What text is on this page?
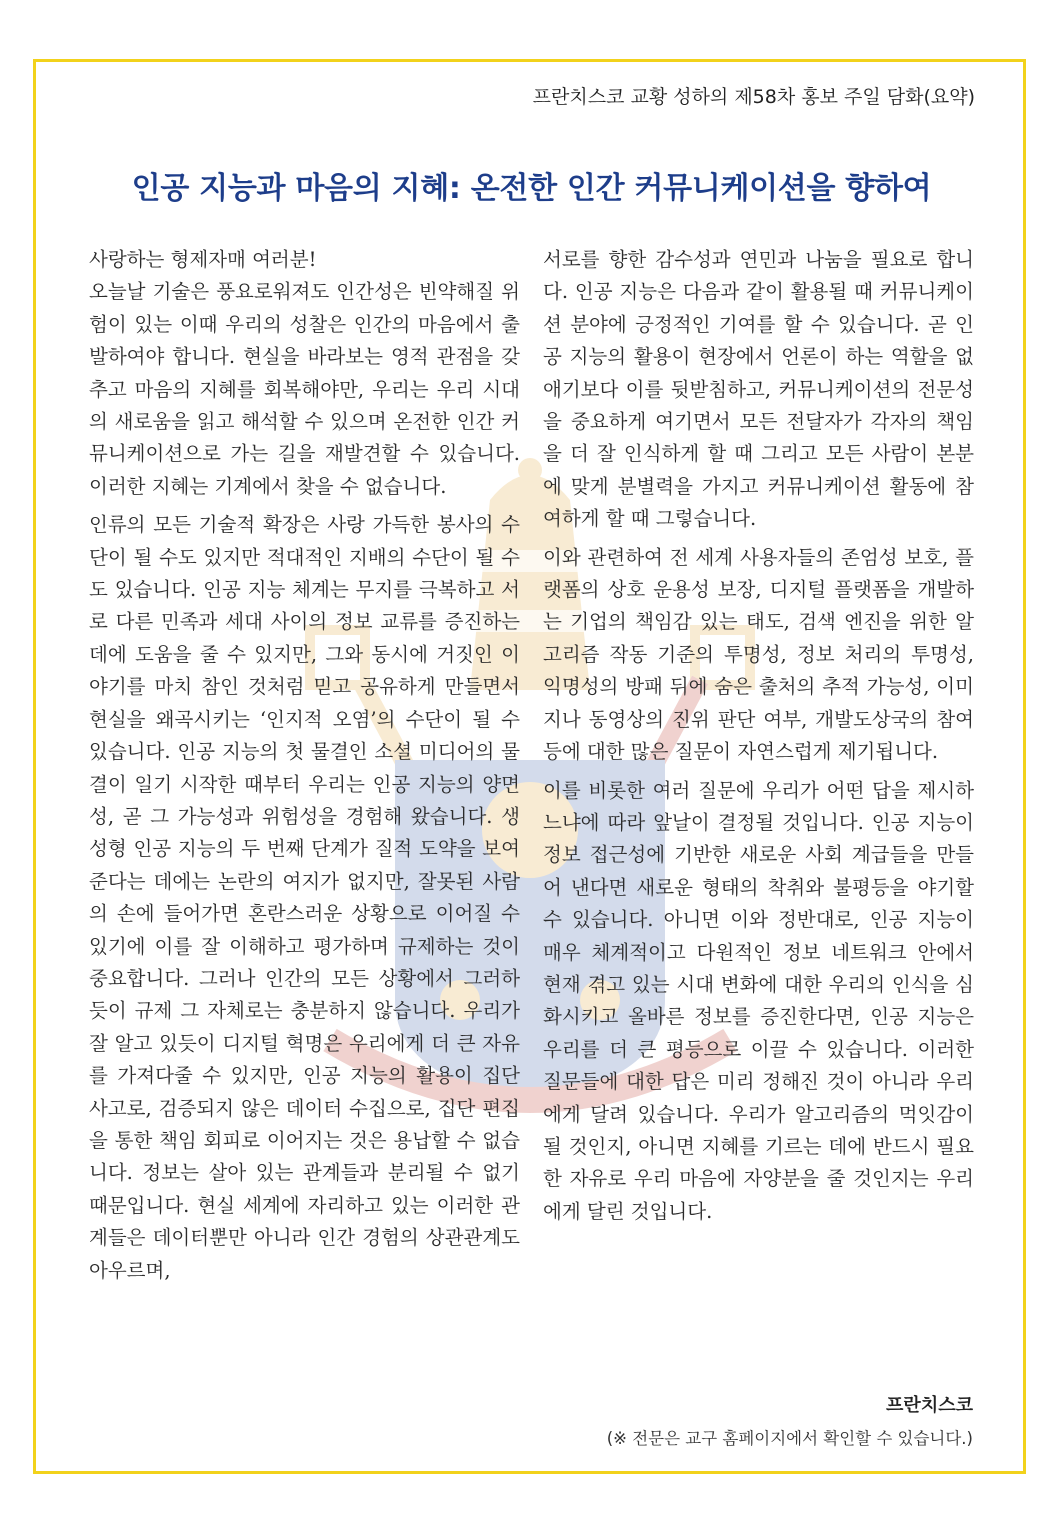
프란치스코 교황 성하의 제58차 홍보 주일 담화(요약)
인공 지능과 마음의 지혜: 온전한 인간 커뮤니케이션을 향하여

사랑하는 형제자매 여러분!

오늘날 기술은 풍요로워져도 인간성은 빈약해질 위험이 있는 이때 우리의 성찰은 인간의 마음에서 출발하여야 합니다. 현실을 바라보는 영적 관점을 갖추고 마음의 지혜를 회복해야만, 우리는 우리 시대의 새로움을 읽고 해석할 수 있으며 온전한 인간 커뮤니케이션으로 가는 길을 재발견할 수 있습니다. 이러한 지혜는 기계에서 찾을 수 없습니다.

인류의 모든 기술적 확장은 사랑 가득한 봉사의 수단이 될 수도 있지만 적대적인 지배의 수단이 될 수도 있습니다. 인공 지능 체계는 무지를 극복하고 서로 다른 민족과 세대 사이의 정보 교류를 증진하는 데에 도움을 줄 수 있지만, 그와 동시에 거짓인 이야기를 마치 참인 것처럼 믿고 공유하게 만들면서 현실을 왜곡시키는 ‘인지적 오염’의 수단이 될 수 있습니다. 인공 지능의 첫 물결인 소셜 미디어의 물결이 일기 시작한 때부터 우리는 인공 지능의 양면성, 곧 그 가능성과 위험성을 경험해 왔습니다. 생성형 인공 지능의 두 번째 단계가 질적 도약을 보여준다는 데에는 논란의 여지가 없지만, 잘못된 사람의 손에 들어가면 혼란스러운 상황으로 이어질 수 있기에 이를 잘 이해하고 평가하며 규제하는 것이 중요합니다. 그러나 인간의 모든 상황에서 그러하듯이 규제 그 자체로는 충분하지 않습니다. 우리가 잘 알고 있듯이 디지털 혁명은 우리에게 더 큰 자유를 가져다줄 수 있지만, 인공 지능의 활용이 집단 사고로, 검증되지 않은 데이터 수집으로, 집단 편집을 통한 책임 회피로 이어지는 것은 용납할 수 없습니다. 정보는 살아 있는 관계들과 분리될 수 없기 때문입니다. 현실 세계에 자리하고 있는 이러한 관계들은 데이터뿐만 아니라 인간 경험의 상관관계도 아우르며,

서로를 향한 감수성과 연민과 나눔을 필요로 합니다. 인공 지능은 다음과 같이 활용될 때 커뮤니케이션 분야에 긍정적인 기여를 할 수 있습니다. 곧 인공 지능의 활용이 현장에서 언론이 하는 역할을 없애기보다 이를 뒷받침하고, 커뮤니케이션의 전문성을 중요하게 여기면서 모든 전달자가 각자의 책임을 더 잘 인식하게 할 때 그리고 모든 사람이 본분에 맞게 분별력을 가지고 커뮤니케이션 활동에 참여하게 할 때 그렇습니다.

이와 관련하여 전 세계 사용자들의 존엄성 보호, 플랫폼의 상호 운용성 보장, 디지털 플랫폼을 개발하는 기업의 책임감 있는 태도, 검색 엔진을 위한 알고리즘 작동 기준의 투명성, 정보 처리의 투명성, 익명성의 방패 뒤에 숨은 출처의 추적 가능성, 이미지나 동영상의 진위 판단 여부, 개발도상국의 참여 등에 대한 많은 질문이 자연스럽게 제기됩니다.

이를 비롯한 여러 질문에 우리가 어떤 답을 제시하느냐에 따라 앞날이 결정될 것입니다. 인공 지능이 정보 접근성에 기반한 새로운 사회 계급들을 만들어 낸다면 새로운 형태의 착취와 불평등을 야기할 수 있습니다. 아니면 이와 정반대로, 인공 지능이 매우 체계적이고 다원적인 정보 네트워크 안에서 현재 겪고 있는 시대 변화에 대한 우리의 인식을 심화시키고 올바른 정보를 증진한다면, 인공 지능은 우리를 더 큰 평등으로 이끌 수 있습니다. 이러한 질문들에 대한 답은 미리 정해진 것이 아니라 우리에게 달려 있습니다. 우리가 알고리즘의 먹잇감이 될 것인지, 아니면 지혜를 기르는 데에 반드시 필요한 자유로 우리 마음에 자양분을 줄 것인지는 우리에게 달린 것입니다.

프란치스코
(※ 전문은 교구 홈페이지에서 확인할 수 있습니다.)
